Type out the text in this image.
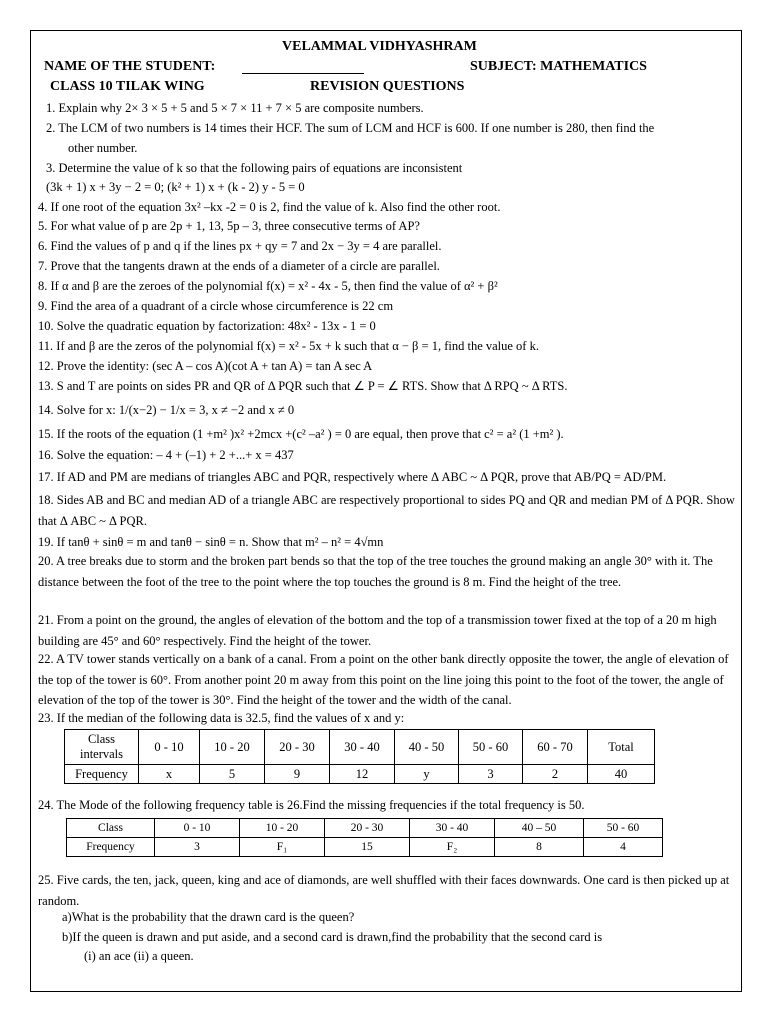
VELAMMAL VIDHYASHRAM
NAME OF THE STUDENT:	SUBJECT: MATHEMATICS
CLASS 10 TILAK WING	REVISION QUESTIONS
1. Explain why 2× 3 × 5 + 5 and 5 × 7 × 11 + 7 × 5 are composite numbers.
2. The LCM of two numbers is 14 times their HCF. The sum of LCM and HCF is 600. If one number is 280, then find the
other number.
3. Determine the value of k so that the following pairs of equations are inconsistent
(3k + 1) x + 3y − 2 = 0; (k² + 1) x + (k - 2) y - 5 = 0
4. If one root of the equation 3x² –kx -2 = 0 is 2, find the value of k. Also find the other root.
5. For what value of p are 2p + 1, 13, 5p – 3, three consecutive terms of AP?
6. Find the values of p and q if the lines px + qy = 7 and 2x − 3y = 4 are parallel.
7. Prove that the tangents drawn at the ends of a diameter of a circle are parallel.
8. If α and β are the zeroes of the polynomial f(x) = x² - 4x - 5, then find the value of α² + β²
9. Find the area of a quadrant of a circle whose circumference is 22 cm
10. Solve the quadratic equation by factorization: 48x² - 13x - 1 = 0
11. If and β are the zeros of the polynomial f(x) = x² - 5x + k such that α − β = 1, find the value of k.
12. Prove the identity: (sec A – cos A)(cot A + tan A) = tan A sec A
13. S and T are points on sides PR and QR of Δ PQR such that ∠ P = ∠ RTS. Show that Δ RPQ ~ Δ RTS.
14. Solve for x: 1/(x−2) − 1/x = 3, x ≠ −2 and x ≠ 0
15. If the roots of the equation (1 +m² )x² +2mcx +(c² –a² ) = 0 are equal, then prove that c² = a² (1 +m² ).
16. Solve the equation: – 4 + (–1) + 2 +...+ x = 437
17. If AD and PM are medians of triangles ABC and PQR, respectively where Δ ABC ~ Δ PQR, prove that AB/PQ = AD/PM.
18. Sides AB and BC and median AD of a triangle ABC are respectively proportional to sides PQ and QR and median PM of Δ PQR. Show that Δ ABC ~ Δ PQR.
19. If tanθ + sinθ = m and tanθ − sinθ = n. Show that m² – n² = 4√mn
20. A tree breaks due to storm and the broken part bends so that the top of the tree touches the ground making an angle 30° with it. The distance between the foot of the tree to the point where the top touches the ground is 8 m. Find the height of the tree.
21. From a point on the ground, the angles of elevation of the bottom and the top of a transmission tower fixed at the top of a 20 m high building are 45° and 60° respectively. Find the height of the tower.
22. A TV tower stands vertically on a bank of a canal. From a point on the other bank directly opposite the tower, the angle of elevation of the top of the tower is 60°. From another point 20 m away from this point on the line joing this point to the foot of the tower, the angle of elevation of the top of the tower is 30°. Find the height of the tower and the width of the canal.
23. If the median of the following data is 32.5, find the values of x and y:
Class intervals	0 - 10	10 - 20	20 - 30	30 - 40	40 - 50	50 - 60	60 - 70	Total
Frequency	x	5	9	12	y	3	2	40
24. The Mode of the following frequency table is 26.Find the missing frequencies if the total frequency is 50.
Class	0 - 10	10 - 20	20 - 30	30 - 40	40 – 50	50 - 60
Frequency	3	F₁	15	F₂	8	4
25. Five cards, the ten, jack, queen, king and ace of diamonds, are well shuffled with their faces downwards. One card is then picked up at random.
a)What is the probability that the drawn card is the queen?
b)If the queen is drawn and put aside, and a second card is drawn,find the probability that the second card is
(i) an ace (ii) a queen.
